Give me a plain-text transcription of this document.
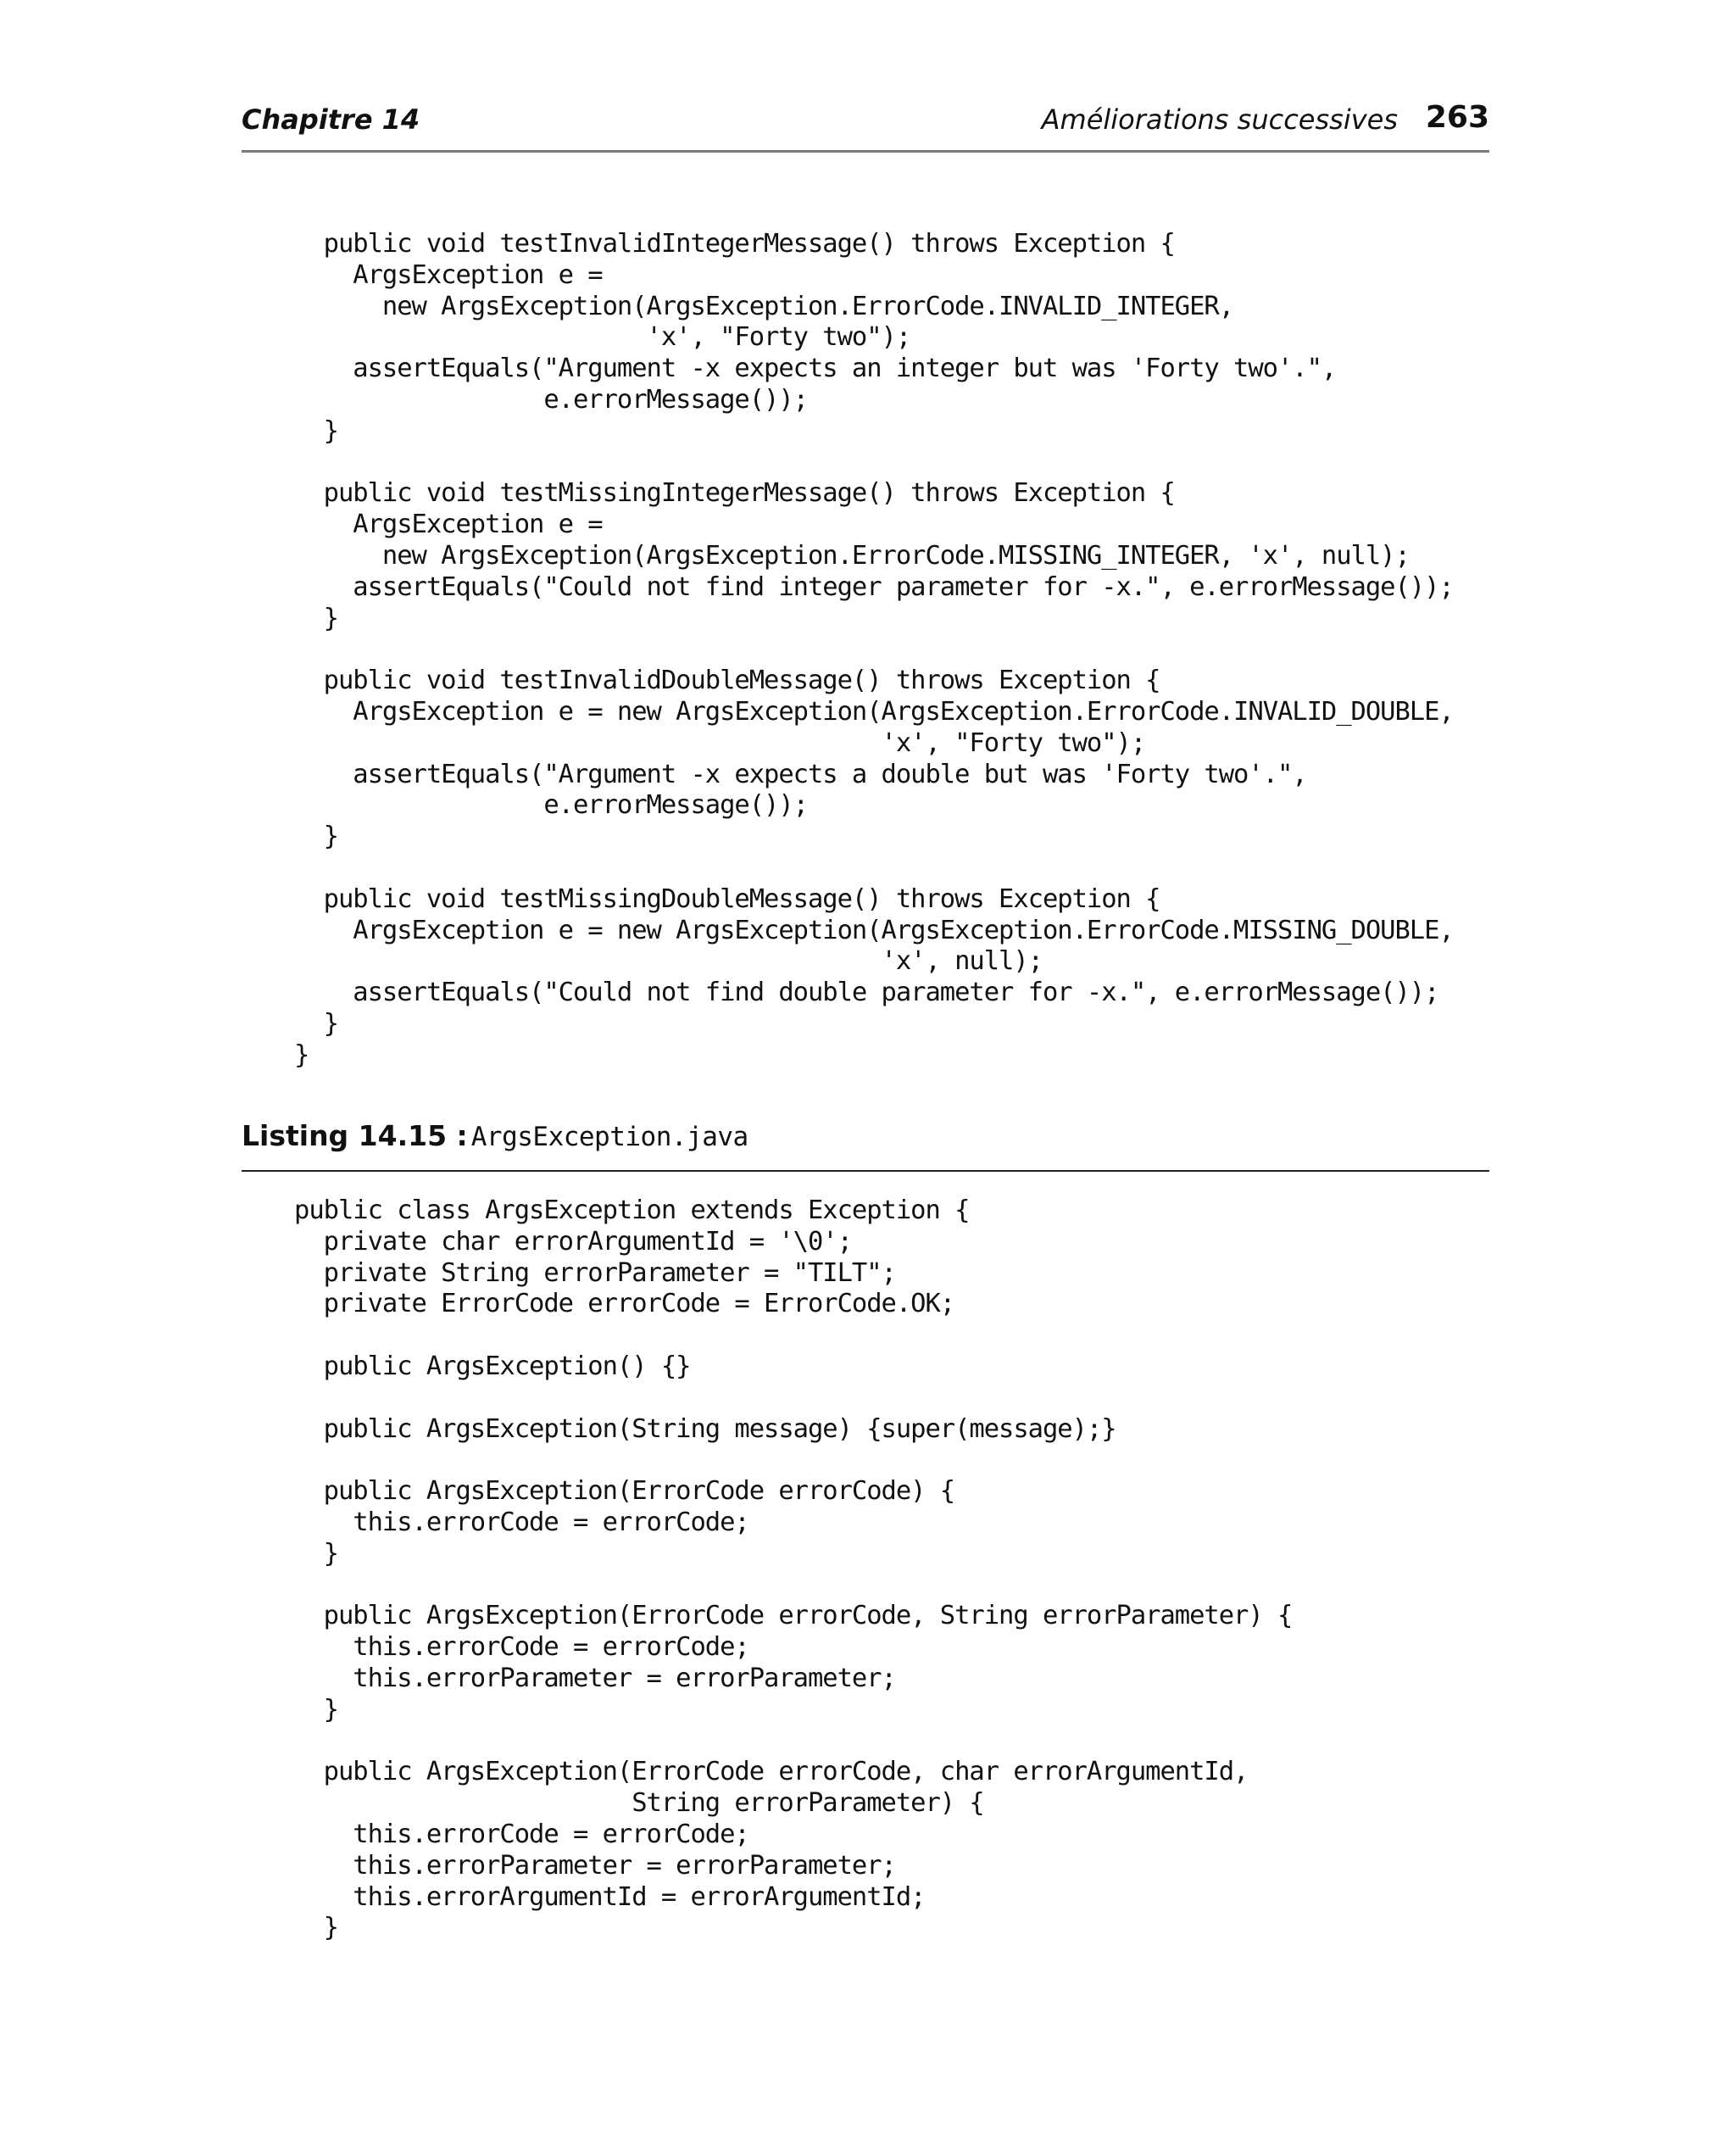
Chapitre 14	Améliorations successives 263
public void testInvalidIntegerMessage() throws Exception {
ArgsException e =
new ArgsException(ArgsException.ErrorCode.INVALID_INTEGER,
'x', "Forty two");
assertEquals("Argument -x expects an integer but was 'Forty two'.",
e.errorMessage());
}

public void testMissingIntegerMessage() throws Exception {
ArgsException e =
new ArgsException(ArgsException.ErrorCode.MISSING_INTEGER, 'x', null);
assertEquals("Could not find integer parameter for -x.", e.errorMessage());
}

public void testInvalidDoubleMessage() throws Exception {
ArgsException e = new ArgsException(ArgsException.ErrorCode.INVALID_DOUBLE,
'x', "Forty two");
assertEquals("Argument -x expects a double but was 'Forty two'.",
e.errorMessage());
}

public void testMissingDoubleMessage() throws Exception {
ArgsException e = new ArgsException(ArgsException.ErrorCode.MISSING_DOUBLE,
'x', null);
assertEquals("Could not find double parameter for -x.", e.errorMessage());
}
}
Listing 14.15 : ArgsException.java
public class ArgsException extends Exception {
private char errorArgumentId = '\0';
private String errorParameter = "TILT";
private ErrorCode errorCode = ErrorCode.OK;

public ArgsException() {}

public ArgsException(String message) {super(message);}

public ArgsException(ErrorCode errorCode) {
this.errorCode = errorCode;
}

public ArgsException(ErrorCode errorCode, String errorParameter) {
this.errorCode = errorCode;
this.errorParameter = errorParameter;
}

public ArgsException(ErrorCode errorCode, char errorArgumentId,
String errorParameter) {
this.errorCode = errorCode;
this.errorParameter = errorParameter;
this.errorArgumentId = errorArgumentId;
}
